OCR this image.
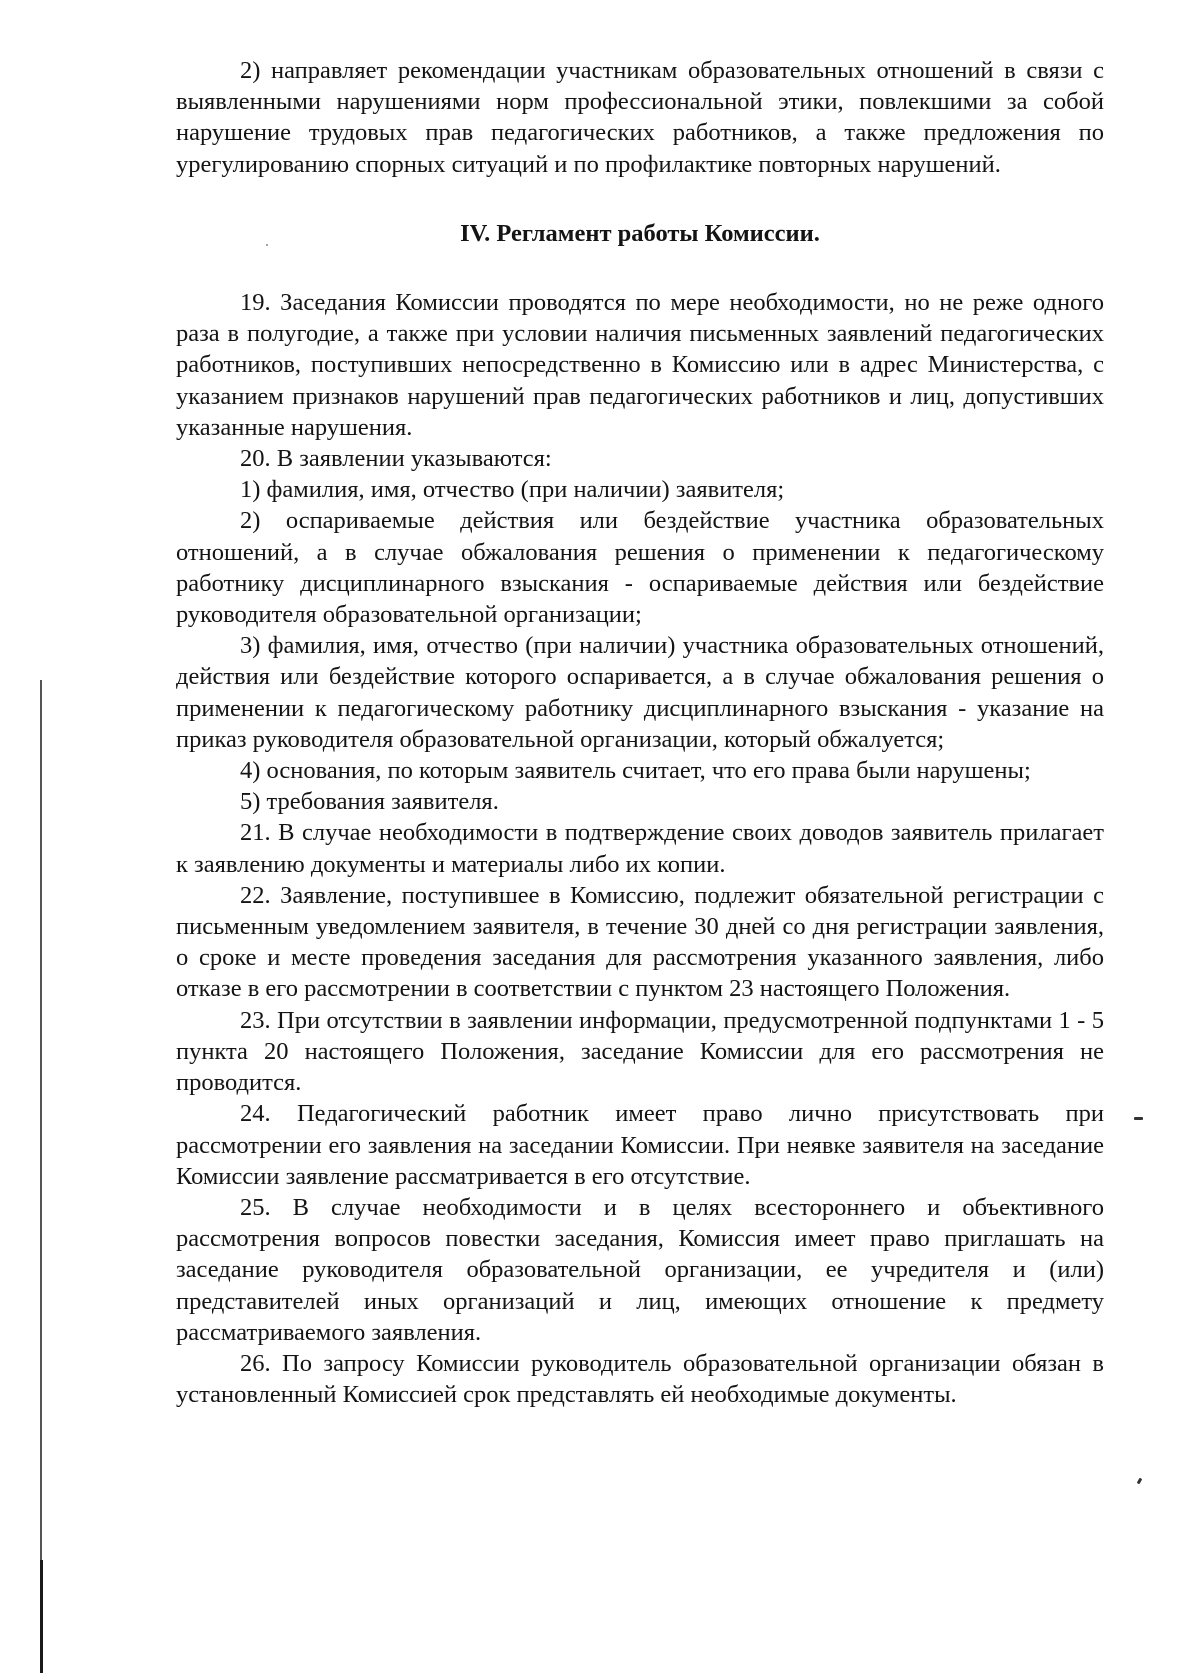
2) направляет рекомендации участникам образовательных отношений в связи с выявленными нарушениями норм профессиональной этики, повлекшими за собой нарушение трудовых прав педагогических работников, а также предложения по урегулированию спорных ситуаций и по профилактике повторных нарушений.

IV. Регламент работы Комиссии.

19. Заседания Комиссии проводятся по мере необходимости, но не реже одного раза в полугодие, а также при условии наличия письменных заявлений педагогических работников, поступивших непосредственно в Комиссию или в адрес Министерства, с указанием признаков нарушений прав педагогических работников и лиц, допустивших указанные нарушения.

20. В заявлении указываются:

1) фамилия, имя, отчество (при наличии) заявителя;

2) оспариваемые действия или бездействие участника образовательных отношений, а в случае обжалования решения о применении к педагогическому работнику дисциплинарного взыскания - оспариваемые действия или бездействие руководителя образовательной организации;

3) фамилия, имя, отчество (при наличии) участника образовательных отношений, действия или бездействие которого оспаривается, а в случае обжалования решения о применении к педагогическому работнику дисциплинарного взыскания - указание на приказ руководителя образовательной организации, который обжалуется;

4) основания, по которым заявитель считает, что его права были нарушены;

5) требования заявителя.

21. В случае необходимости в подтверждение своих доводов заявитель прилагает к заявлению документы и материалы либо их копии.

22. Заявление, поступившее в Комиссию, подлежит обязательной регистрации с письменным уведомлением заявителя, в течение 30 дней со дня регистрации заявления, о сроке и месте проведения заседания для рассмотрения указанного заявления, либо отказе в его рассмотрении в соответствии с пунктом 23 настоящего Положения.

23. При отсутствии в заявлении информации, предусмотренной подпунктами 1 - 5 пункта 20 настоящего Положения, заседание Комиссии для его рассмотрения не проводится.

24. Педагогический работник имеет право лично присутствовать при рассмотрении его заявления на заседании Комиссии. При неявке заявителя на заседание Комиссии заявление рассматривается в его отсутствие.

25. В случае необходимости и в целях всестороннего и объективного рассмотрения вопросов повестки заседания, Комиссия имеет право приглашать на заседание руководителя образовательной организации, ее учредителя и (или) представителей иных организаций и лиц, имеющих отношение к предмету рассматриваемого заявления.

26. По запросу Комиссии руководитель образовательной организации обязан в установленный Комиссией срок представлять ей необходимые документы.
